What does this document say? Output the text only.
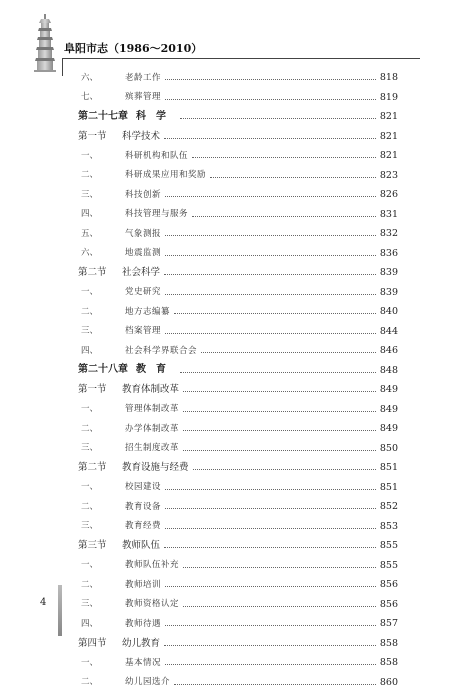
阜阳市志（1986～2010）
六、	老龄工作	818
七、	殡葬管理	819
第二十七章 科学	821
第一节	科学技术	821
一、	科研机构和队伍	821
二、	科研成果应用和奖励	823
三、	科技创新	826
四、	科技管理与服务	831
五、	气象测报	832
六、	地震监测	836
第二节	社会科学	839
一、	党史研究	839
二、	地方志编纂	840
三、	档案管理	844
四、	社会科学界联合会	846
第二十八章 教育	848
第一节	教育体制改革	849
一、	管理体制改革	849
二、	办学体制改革	849
三、	招生制度改革	850
第二节	教育设施与经费	851
一、	校园建设	851
二、	教育设备	852
三、	教育经费	853
第三节	教师队伍	855
一、	教师队伍补充	855
二、	教师培训	856
三、	教师资格认定	856
四、	教师待遇	857
第四节	幼儿教育	858
一、	基本情况	858
二、	幼儿园选介	860
4
